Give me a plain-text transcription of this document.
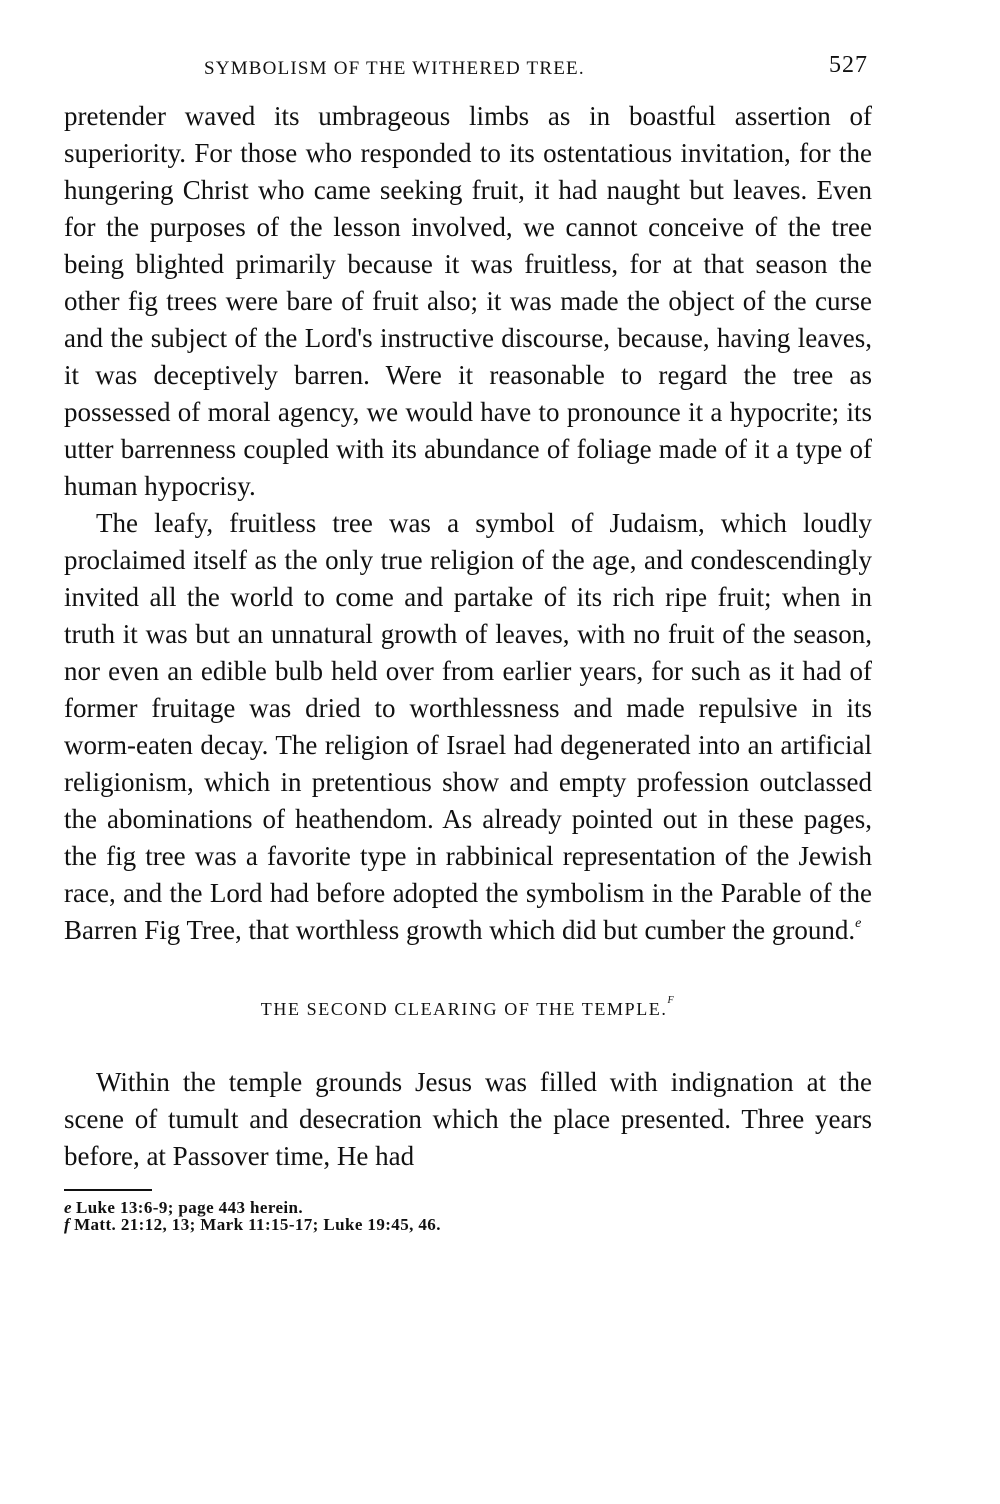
SYMBOLISM OF THE WITHERED TREE.	527

pretender waved its umbrageous limbs as in boastful assertion of superiority. For those who responded to its ostentatious invitation, for the hungering Christ who came seeking fruit, it had naught but leaves. Even for the purposes of the lesson involved, we cannot conceive of the tree being blighted primarily because it was fruitless, for at that season the other fig trees were bare of fruit also; it was made the object of the curse and the subject of the Lord's instructive discourse, because, having leaves, it was deceptively barren. Were it reasonable to regard the tree as possessed of moral agency, we would have to pronounce it a hypocrite; its utter barrenness coupled with its abundance of foliage made of it a type of human hypocrisy.

The leafy, fruitless tree was a symbol of Judaism, which loudly proclaimed itself as the only true religion of the age, and condescendingly invited all the world to come and partake of its rich ripe fruit; when in truth it was but an unnatural growth of leaves, with no fruit of the season, nor even an edible bulb held over from earlier years, for such as it had of former fruitage was dried to worthlessness and made repulsive in its worm-eaten decay. The religion of Israel had degenerated into an artificial religionism, which in pretentious show and empty profession outclassed the abominations of heathendom. As already pointed out in these pages, the fig tree was a favorite type in rabbinical representation of the Jewish race, and the Lord had before adopted the symbolism in the Parable of the Barren Fig Tree, that worthless growth which did but cumber the ground.$^e$

THE SECOND CLEARING OF THE TEMPLE.$^f$

Within the temple grounds Jesus was filled with indignation at the scene of tumult and desecration which the place presented. Three years before, at Passover time, He had

e Luke 13:6-9; page 443 herein.
f Matt. 21:12, 13; Mark 11:15-17; Luke 19:45, 46.
